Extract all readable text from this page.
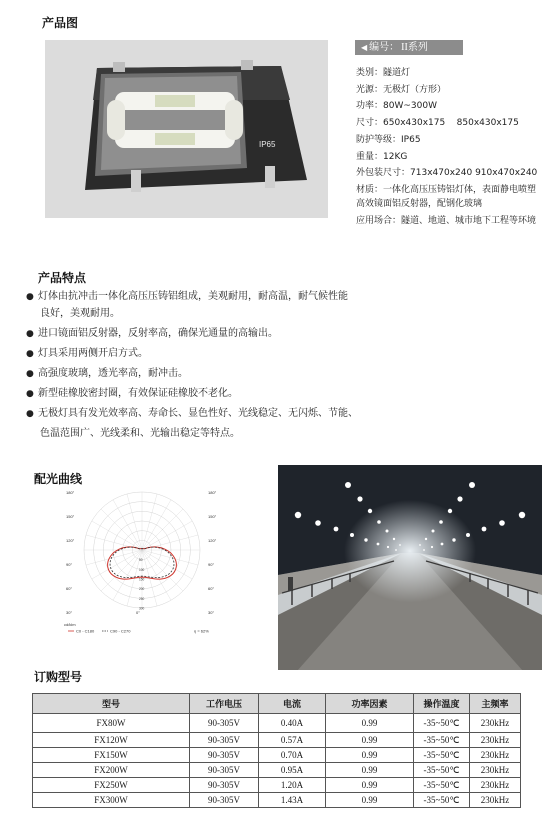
产品图
产品特点
配光曲线
订购型号
IP65
◀ 编号： II系列
类别：隧道灯
光源：无极灯（方形）
功率：80W~300W
尺寸：650x430x175    850x430x175
防护等级：IP65
重量：12KG
外包装尺寸：713x470x240 910x470x240
材质：一体化高压压铸铝灯体，表面静电喷塑高效镜面铝反射器，配钢化玻璃
应用场合：隧道、地道、城市地下工程等环境
● 灯体由抗冲击一体化高压压铸铝组成，美观耐用，耐高温，耐气候性能
良好，美观耐用。
● 进口镜面铝反射器，反射率高，确保光通量的高输出。
● 灯具采用两侧开启方式。
● 高强度玻璃，透光率高，耐冲击。
● 新型硅橡胶密封圈，有效保证硅橡胶不老化。
● 无极灯具有发光效率高、寿命长、显色性好、光线稳定、无闪烁、节能、
色温范围广、光线柔和、光输出稳定等特点。
180°	180°
150°	150°
120°	120°
90°	90°
60°	60°
30°	30°
0°
50
100
150
200
250
300
cd/klm
C0 - C180	C90 - C270	η = 62%
型号	工作电压	电流	功率因素	操作温度	主频率
FX80W	90-305V	0.40A	0.99	-35~50℃	230kHz
FX120W	90-305V	0.57A	0.99	-35~50℃	230kHz
FX150W	90-305V	0.70A	0.99	-35~50℃	230kHz
FX200W	90-305V	0.95A	0.99	-35~50℃	230kHz
FX250W	90-305V	1.20A	0.99	-35~50℃	230kHz
FX300W	90-305V	1.43A	0.99	-35~50℃	230kHz
